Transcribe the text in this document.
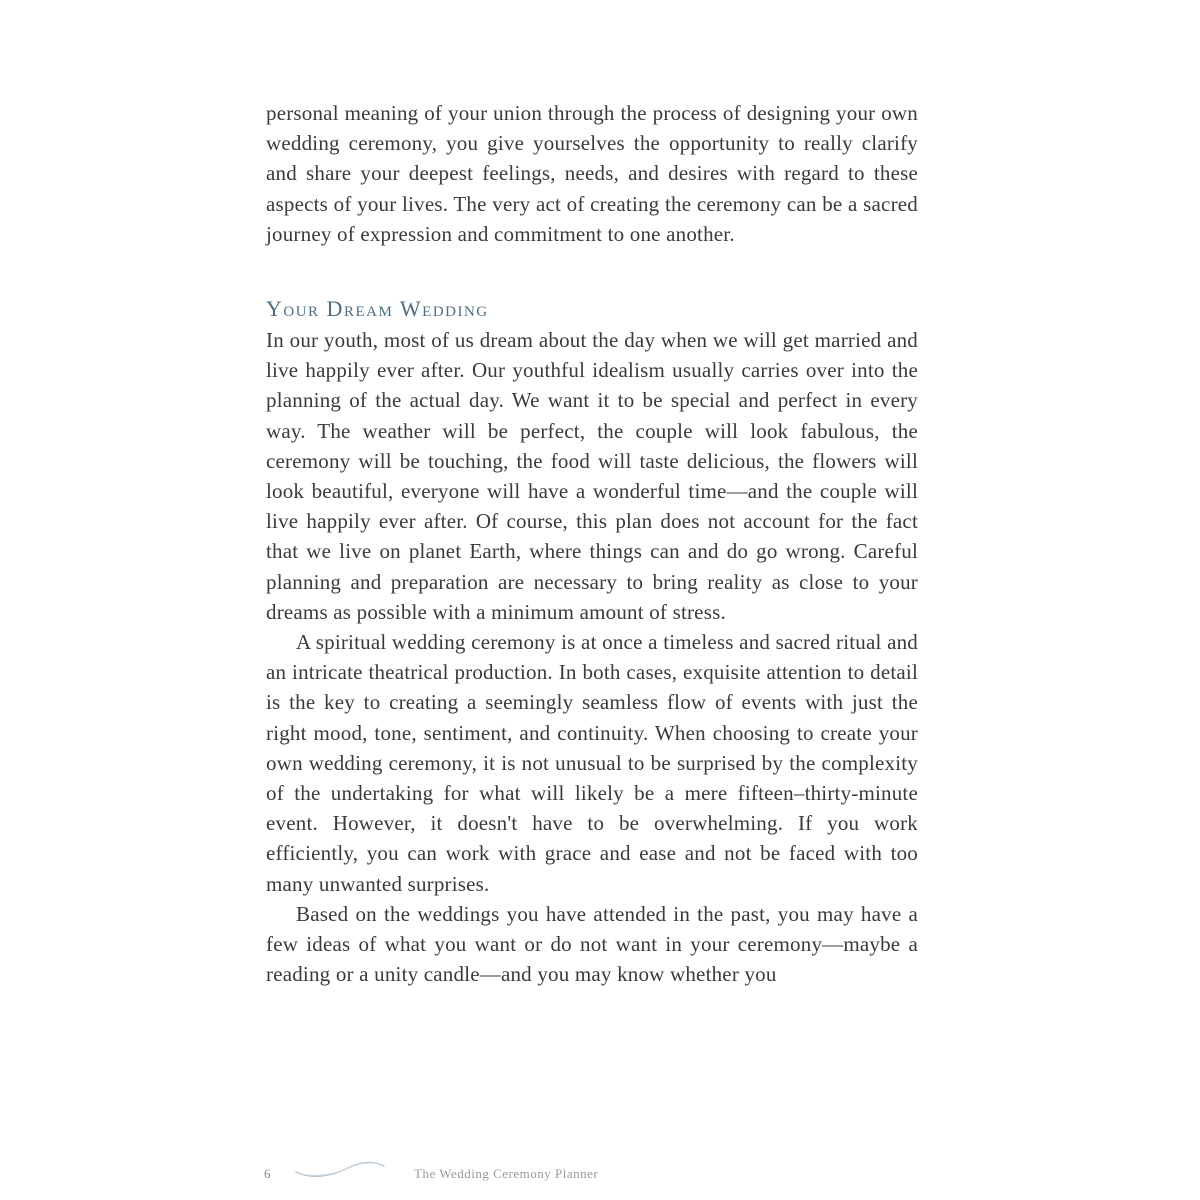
personal meaning of your union through the process of designing your own wedding ceremony, you give yourselves the opportunity to really clarify and share your deepest feelings, needs, and desires with regard to these aspects of your lives. The very act of creating the ceremony can be a sacred journey of expression and commitment to one another.

Your Dream Wedding

In our youth, most of us dream about the day when we will get married and live happily ever after. Our youthful idealism usually carries over into the planning of the actual day. We want it to be special and perfect in every way. The weather will be perfect, the couple will look fabulous, the ceremony will be touching, the food will taste delicious, the flowers will look beautiful, everyone will have a wonderful time—and the couple will live happily ever after. Of course, this plan does not account for the fact that we live on planet Earth, where things can and do go wrong. Careful planning and preparation are necessary to bring reality as close to your dreams as possible with a minimum amount of stress.

A spiritual wedding ceremony is at once a timeless and sacred ritual and an intricate theatrical production. In both cases, exquisite attention to detail is the key to creating a seemingly seamless flow of events with just the right mood, tone, sentiment, and continuity. When choosing to create your own wedding ceremony, it is not unusual to be surprised by the complexity of the undertaking for what will likely be a mere fifteen–thirty-minute event. However, it doesn't have to be overwhelming. If you work efficiently, you can work with grace and ease and not be faced with too many unwanted surprises.

Based on the weddings you have attended in the past, you may have a few ideas of what you want or do not want in your ceremony—maybe a reading or a unity candle—and you may know whether you

6	The Wedding Ceremony Planner
